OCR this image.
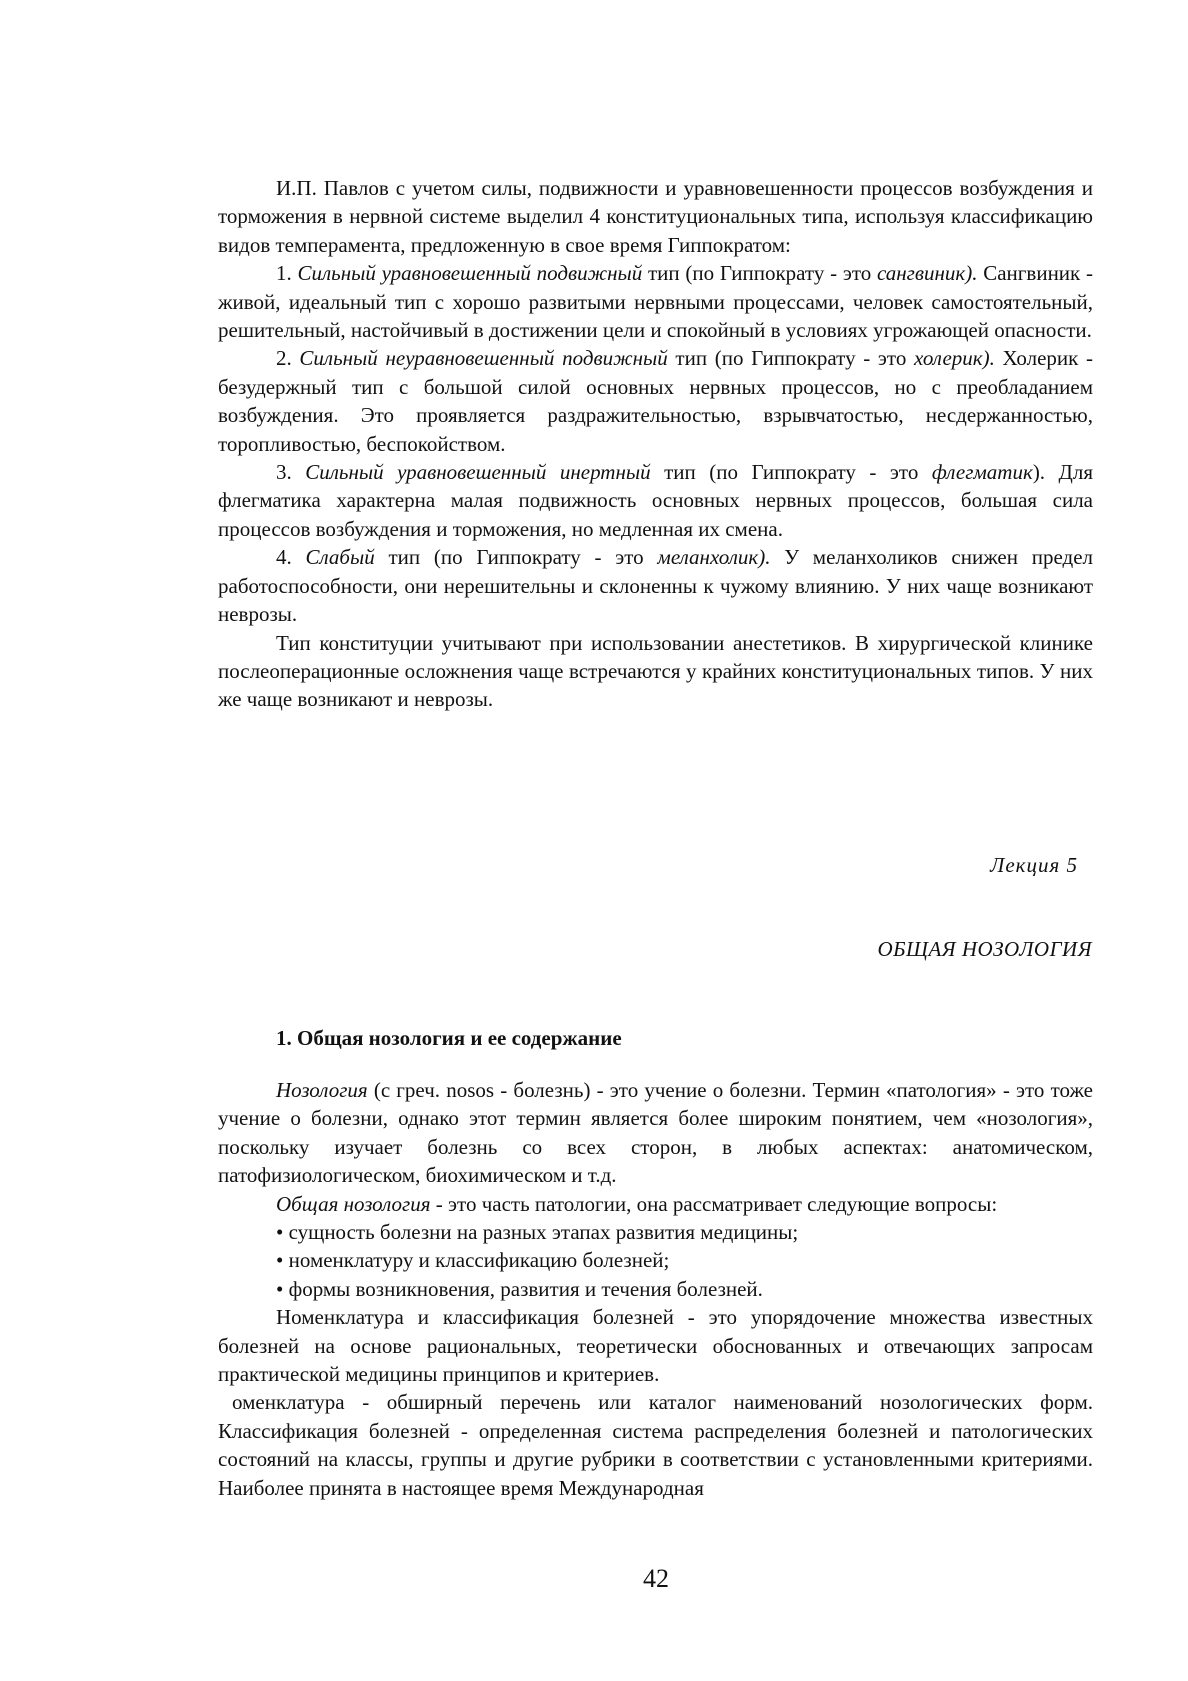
И.П. Павлов с учетом силы, подвижности и уравновешенности процессов возбуждения и торможения в нервной системе выделил 4 конституциональных типа, используя классификацию видов темперамента, предложенную в свое время Гиппократом:

1. Сильный уравновешенный подвижный тип (по Гиппократу - это сангвиник). Сангвиник - живой, идеальный тип с хорошо развитыми нервными процессами, человек самостоятельный, решительный, настойчивый в достижении цели и спокойный в условиях угрожающей опасности.

2. Сильный неуравновешенный подвижный тип (по Гиппократу - это холерик). Холерик - безудержный тип с большой силой основных нервных процессов, но с преобладанием возбуждения. Это проявляется раздражительностью, взрывчатостью, несдержанностью, торопливостью, беспокойством.

3. Сильный уравновешенный инертный тип (по Гиппократу - это флегматик). Для флегматика характерна малая подвижность основных нервных процессов, большая сила процессов возбуждения и торможения, но медленная их смена.

4. Слабый тип (по Гиппократу - это меланхолик). У меланхоликов снижен предел работоспособности, они нерешительны и склоненны к чужому влиянию. У них чаще возникают неврозы.

Тип конституции учитывают при использовании анестетиков. В хирургической клинике послеоперационные осложнения чаще встречаются у крайних конституциональных типов. У них же чаще возникают и неврозы.

Лекция 5
ОБЩАЯ НОЗОЛОГИЯ
1. Общая нозология и ее содержание

Нозология (с греч. nosos - болезнь) - это учение о болезни. Термин «патология» - это тоже учение о болезни, однако этот термин является более широким понятием, чем «нозология», поскольку изучает болезнь со всех сторон, в любых аспектах: анатомическом, патофизиологическом, биохимическом и т.д.

Общая нозология - это часть патологии, она рассматривает следующие вопросы:

• сущность болезни на разных этапах развития медицины;

• номенклатуру и классификацию болезней;

• формы возникновения, развития и течения болезней.

Номенклатура и классификация болезней - это упорядочение множества известных болезней на основе рациональных, теоретически обоснованных и отвечающих запросам практической медицины принципов и критериев.

оменклатура - обширный перечень или каталог наименований нозологических форм. Классификация болезней - определенная система распределения болезней и патологических состояний на классы, группы и другие рубрики в соответствии с установленными критериями. Наиболее принята в настоящее время Международная

42
